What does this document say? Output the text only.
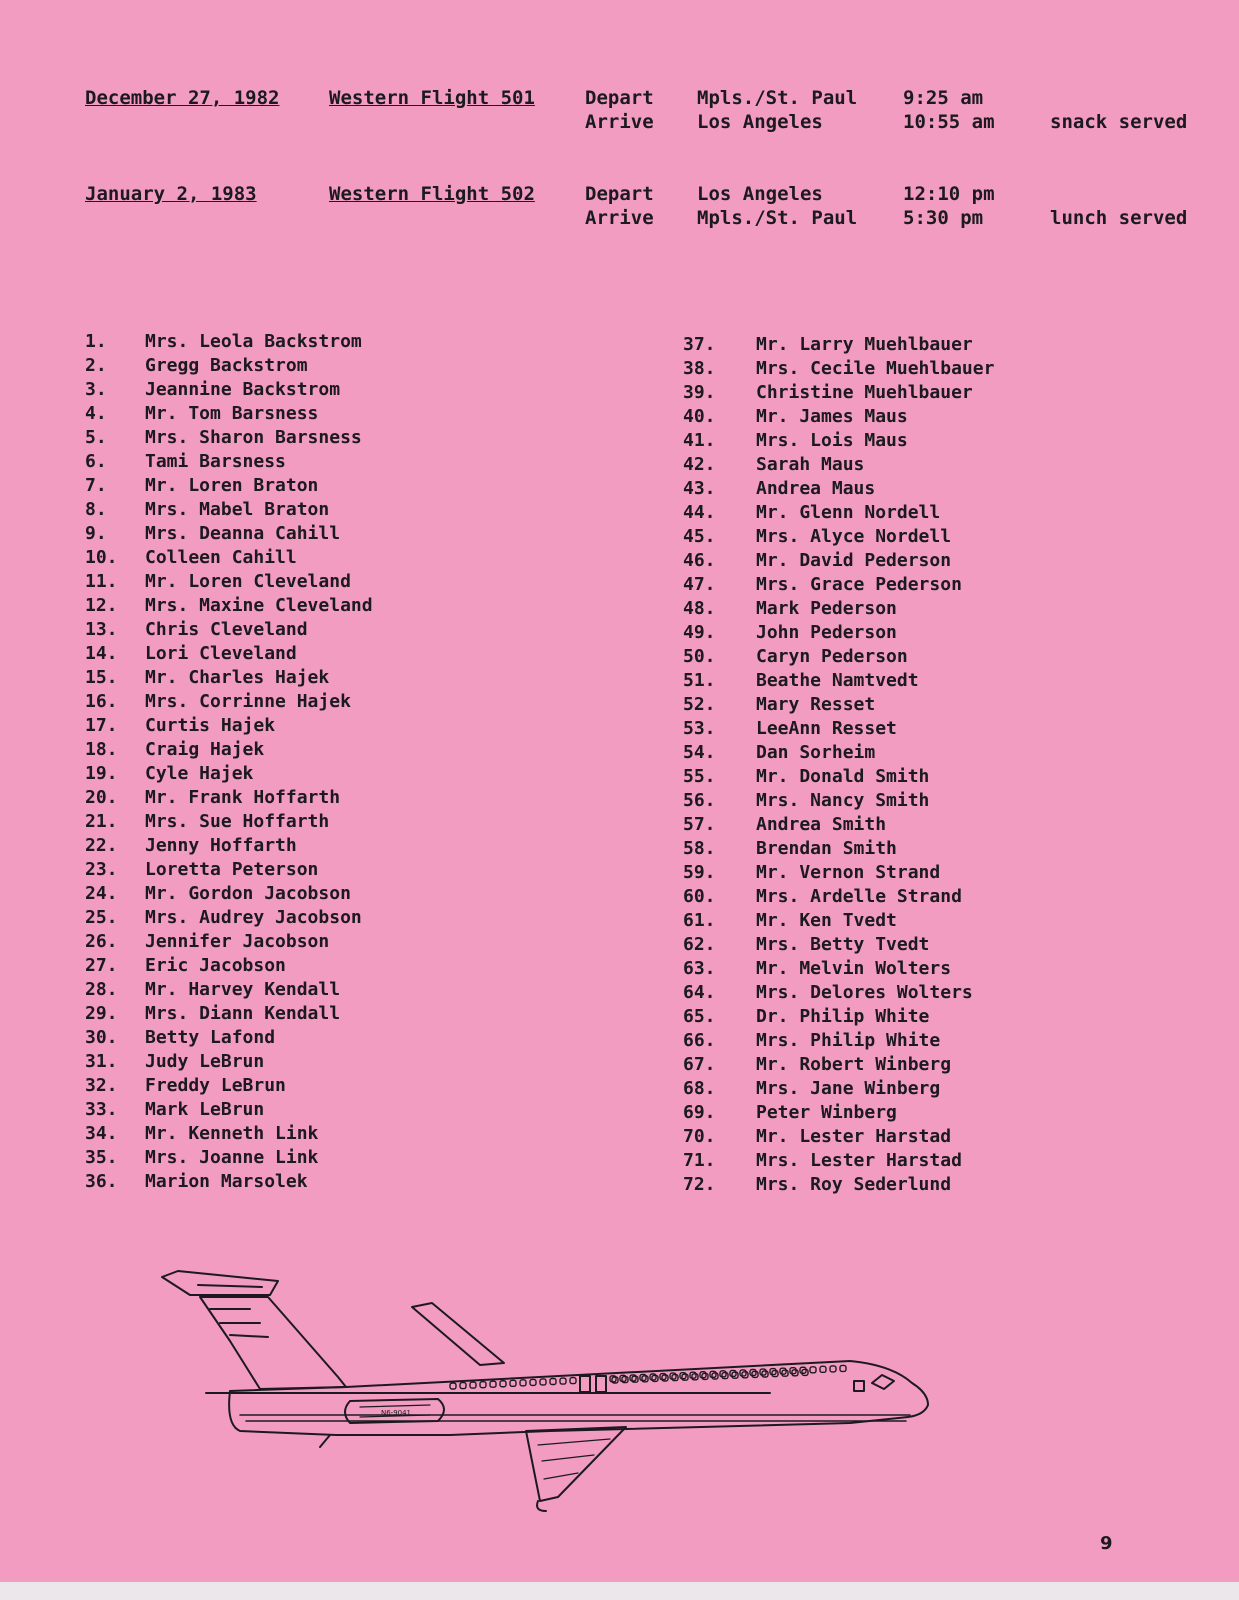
December 27, 1982	Western Flight 501	Depart Mpls./St. Paul 9:25 am
Arrive Los Angeles	10:55 am	snack served
January 2, 1983	Western Flight 502	Depart Los Angeles	12:10 pm
Arrive Mpls./St. Paul 5:30 pm	lunch served
1. Mrs. Leola Backstrom
2. Gregg Backstrom
3. Jeannine Backstrom
4. Mr. Tom Barsness
5. Mrs. Sharon Barsness
6. Tami Barsness
7. Mr. Loren Braton
8. Mrs. Mabel Braton
9. Mrs. Deanna Cahill
10. Colleen Cahill
11. Mr. Loren Cleveland
12. Mrs. Maxine Cleveland
13. Chris Cleveland
14. Lori Cleveland
15. Mr. Charles Hajek
16. Mrs. Corrinne Hajek
17. Curtis Hajek
18. Craig Hajek
19. Cyle Hajek
20. Mr. Frank Hoffarth
21. Mrs. Sue Hoffarth
22. Jenny Hoffarth
23. Loretta Peterson
24. Mr. Gordon Jacobson
25. Mrs. Audrey Jacobson
26. Jennifer Jacobson
27. Eric Jacobson
28. Mr. Harvey Kendall
29. Mrs. Diann Kendall
30. Betty Lafond
31. Judy LeBrun
32. Freddy LeBrun
33. Mark LeBrun
34. Mr. Kenneth Link
35. Mrs. Joanne Link
36. Marion Marsolek
37. Mr. Larry Muehlbauer
38. Mrs. Cecile Muehlbauer
39. Christine Muehlbauer
40. Mr. James Maus
41. Mrs. Lois Maus
42. Sarah Maus
43. Andrea Maus
44. Mr. Glenn Nordell
45. Mrs. Alyce Nordell
46. Mr. David Pederson
47. Mrs. Grace Pederson
48. Mark Pederson
49. John Pederson
50. Caryn Pederson
51. Beathe Namtvedt
52. Mary Resset
53. LeeAnn Resset
54. Dan Sorheim
55. Mr. Donald Smith
56. Mrs. Nancy Smith
57. Andrea Smith
58. Brendan Smith
59. Mr. Vernon Strand
60. Mrs. Ardelle Strand
61. Mr. Ken Tvedt
62. Mrs. Betty Tvedt
63. Mr. Melvin Wolters
64. Mrs. Delores Wolters
65. Dr. Philip White
66. Mrs. Philip White
67. Mr. Robert Winberg
68. Mrs. Jane Winberg
69. Peter Winberg
70. Mr. Lester Harstad
71. Mrs. Lester Harstad
72. Mrs. Roy Sederlund
N6-9041
9
